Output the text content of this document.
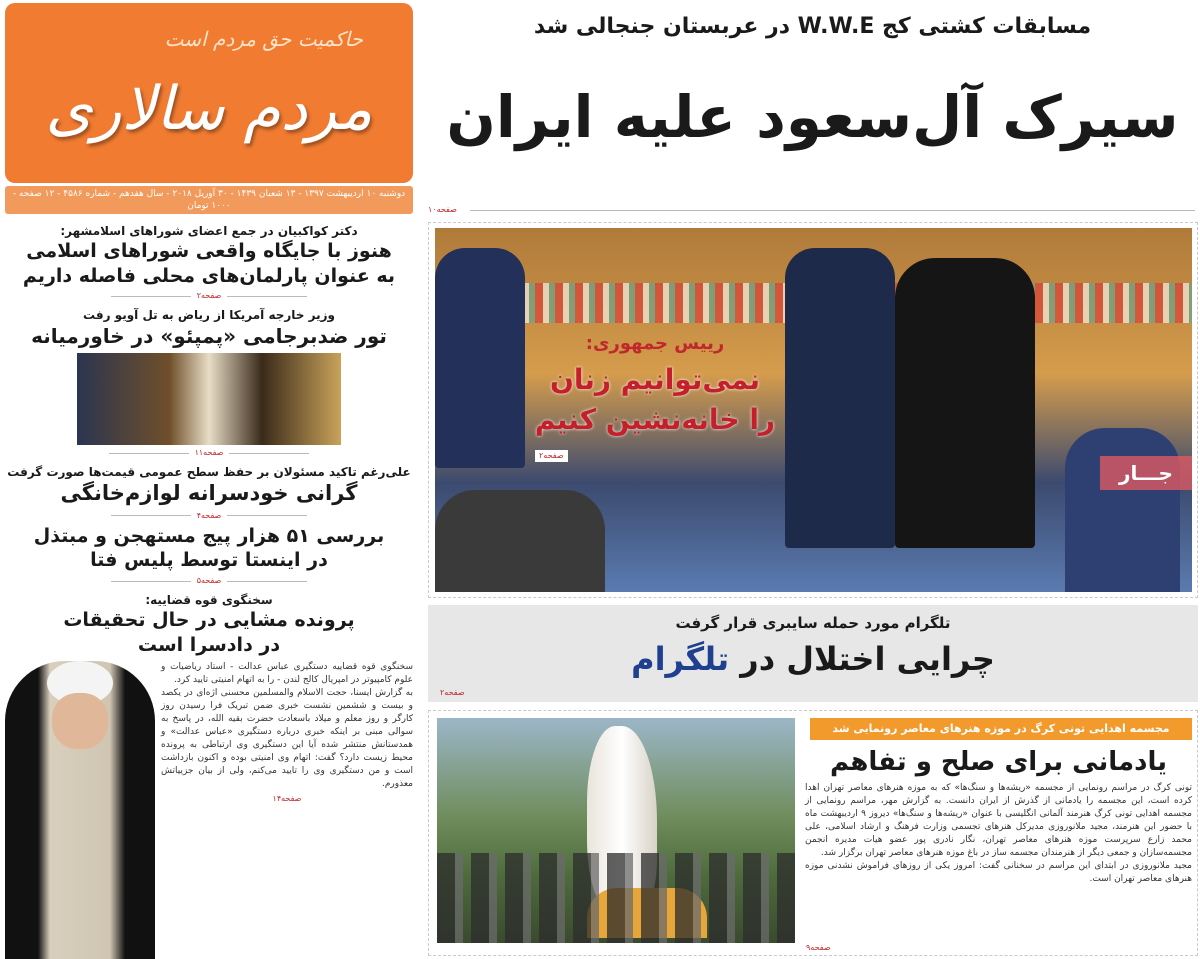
حاکمیت حق مردم است
مردم سالاری
دوشنبه ۱۰ اردیبهشت ۱۳۹۷ - ۱۳ شعبان ۱۴۳۹ - ۳۰ آوریل ۲۰۱۸ - سال هفدهم - شماره ۴۵۸۶ - ۱۲ صفحه - ۱۰۰۰ تومان
مسابقات کشتی کج W.W.E در عربستان جنجالی شد
سیرک آل‌سعود علیه ایران
صفحه۱۰
رییس جمهوری:
نمی‌توانیم زنان
را خانه‌نشین کنیم
صفحه۲
جـــار
تلگرام مورد حمله سایبری قرار گرفت
چرایی اختلال در تلگرام
صفحه۲
مجسمه اهدایی تونی کرگ در موزه هنرهای معاصر رونمایی شد
یادمانی برای صلح و تفاهم

تونی کرگ در مراسم رونمایی از مجسمه «ریشه‌ها و سنگ‌ها» که به موزه هنرهای معاصر تهران اهدا کرده است، این مجسمه را یادمانی از گذرش از ایران دانست. به گزارش مهر، مراسم رونمایی از مجسمه اهدایی تونی کرگ هنرمند آلمانی انگلیسی با عنوان «ریشه‌ها و سنگ‌ها» دیروز ۹ اردیبهشت ماه با حضور این هنرمند، مجید ملانوروزی مدیرکل هنرهای تجسمی وزارت فرهنگ و ارشاد اسلامی، علی محمد زارع سرپرست موزه هنرهای معاصر تهران، نگار نادری پور عضو هیات مدیره انجمن مجسمه‌سازان و جمعی دیگر از هنرمندان مجسمه ساز در باغ موزه هنرهای معاصر تهران برگزار شد.

مجید ملانوروزی در ابتدای این مراسم در سخنانی گفت: امروز یکی از روزهای فراموش نشدنی موزه هنرهای معاصر تهران است.

صفحه۹
دکتر کواکبیان در جمع اعضای شوراهای اسلامشهر:
هنوز با جایگاه واقعی شوراهای اسلامی
به عنوان پارلمان‌های محلی فاصله داریم
صفحه۲
وزیر خارجه آمریکا از ریاض به تل آویو رفت
تور ضدبرجامی «پمپئو» در خاورمیانه
صفحه۱۱
علی‌رغم تاکید مسئولان بر حفظ سطح عمومی قیمت‌ها صورت گرفت
گرانی خودسرانه لوازم‌خانگی
صفحه۴
بررسی ۵۱ هزار پیج مستهجن و مبتذل
در اینستا توسط پلیس فتا
صفحه۵
سخنگوی قوه قضاییه:
پرونده مشایی در حال تحقیقات
در دادسرا است

سخنگوی قوه قضاییه دستگیری عباس عدالت - استاد ریاضیات و علوم کامپیوتر در امپریال کالج لندن - را به اتهام امنیتی تایید کرد.

به گزارش ایسنا، حجت الاسلام والمسلمین محسنی اژه‌ای در یکصد و بیست و ششمین نشست خبری ضمن تبریک فرا رسیدن روز کارگر و روز معلم و میلاد باسعادت حضرت بقیه الله، در پاسخ به سوالی مبنی بر اینکه خبری درباره دستگیری «عباس عدالت» و همدستانش منتشر شده آیا این دستگیری وی ارتباطی به پرونده محیط زیست دارد؟ گفت: اتهام وی امنیتی بوده و اکنون بازداشت است و من دستگیری وی را تایید می‌کنم، ولی از بیان جزییاتش معذورم.

صفحه۱۴
